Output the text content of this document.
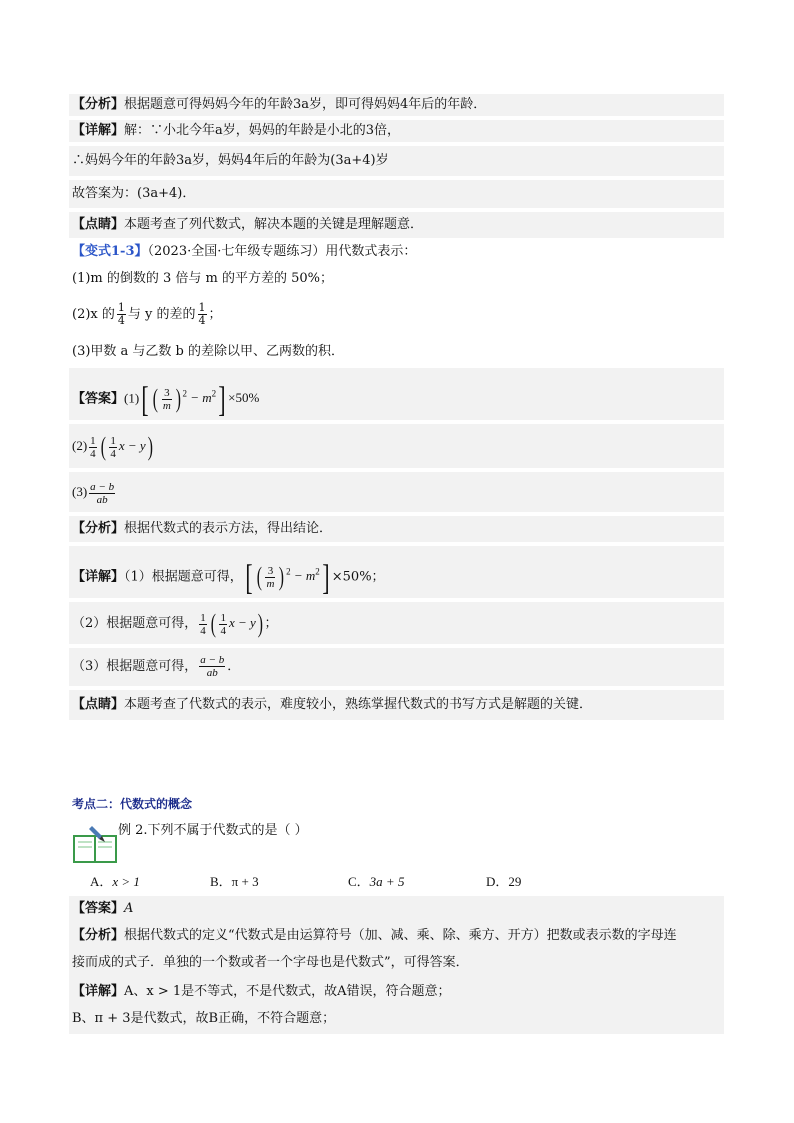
【分析】根据题意可得妈妈今年的年龄3a岁，即可得妈妈4年后的年龄．
【详解】解：∵小北今年a岁，妈妈的年龄是小北的3倍，
∴妈妈今年的年龄3a岁，妈妈4年后的年龄为(3a+4)岁
故答案为：(3a+4)．
【点睛】本题考查了列代数式，解决本题的关键是理解题意．
【变式1-3】（2023·全国·七年级专题练习）用代数式表示：
(1)m 的倒数的 3 倍与 m 的平方差的 50%；
(2)x 的 $\frac{1}{4}$ 与 y 的差的 $\frac{1}{4}$ ；
(3)甲数 a 与乙数 b 的差除以甲、乙两数的积．
【答案】(1)[ ( $\frac{3}{m}$ ) $^2 - m^2] \times 50\%$
$(2) \frac{1}{4}$ ( $\frac{1}{4}$ x − y)
$(3) \frac{a - b}{ab}$
【分析】根据代数式的表示方法，得出结论．
【详解】（1）根据题意可得，[ ( $\frac{3}{m}$ ) $^2 - m^2] \times 50\%$；
（2）根据题意可得， $\frac{1}{4}$ ( $\frac{1}{4}$ x − y) ；
（3）根据题意可得， $\frac{a - b}{ab}$ ．
【点睛】本题考查了代数式的表示，难度较小，熟练掌握代数式的书写方式是解题的关键．
考点二：代数式的概念
例 2.下列不属于代数式的是（ ）
A．x > 1	B．π + 3	C．3a + 5	D．29
【答案】A
【分析】根据代数式的定义“代数式是由运算符号（加、减、乘、除、乘方、开方）把数或表示数的字母连
接而成的式子．单独的一个数或者一个字母也是代数式”，可得答案．
【详解】A、x > 1是不等式，不是代数式，故A错误，符合题意；
B、π + 3是代数式，故B正确，不符合题意；
